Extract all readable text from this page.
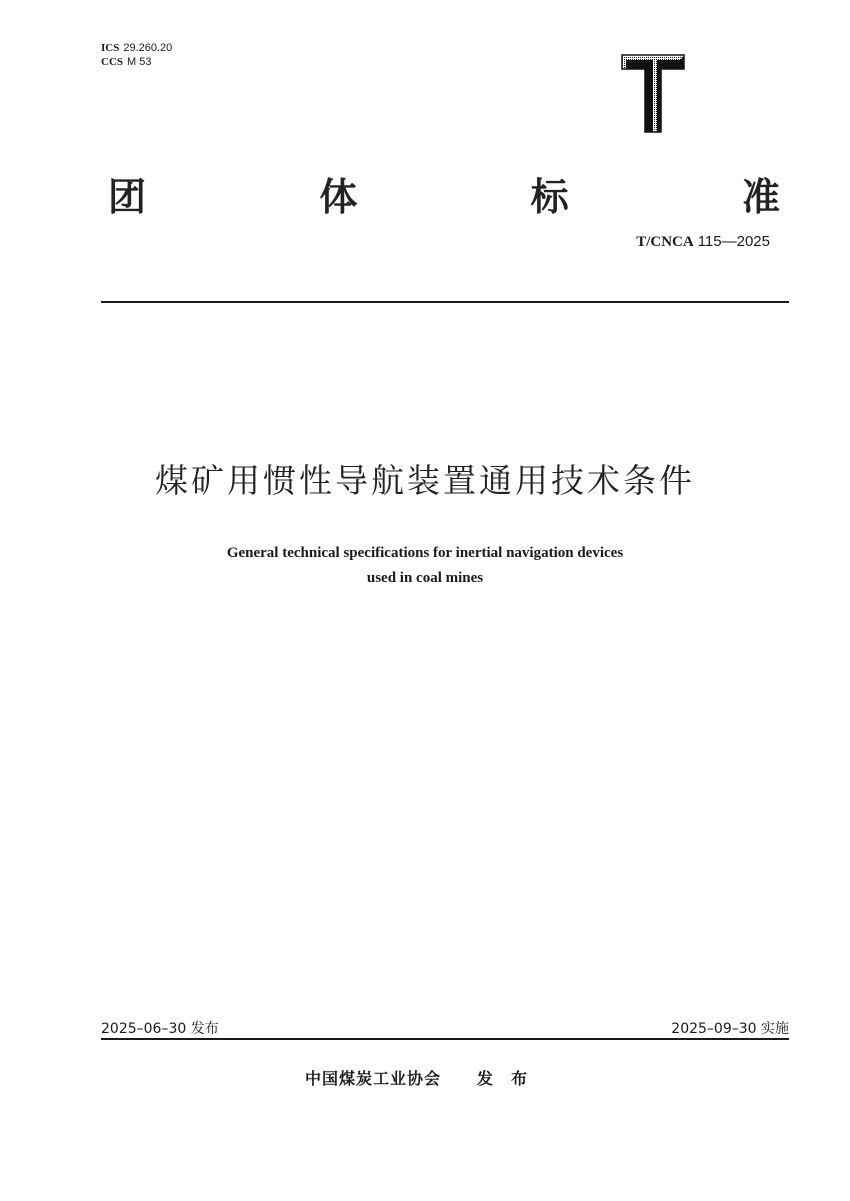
ICS 29.260.20
CCS M 53
团	体	标	准
T/CNCA 115—2025
煤矿用惯性导航装置通用技术条件
General technical specifications for inertial navigation devices
used in coal mines
2025–06–30 发布	2025–09–30 实施
中国煤炭工业协会 发布
